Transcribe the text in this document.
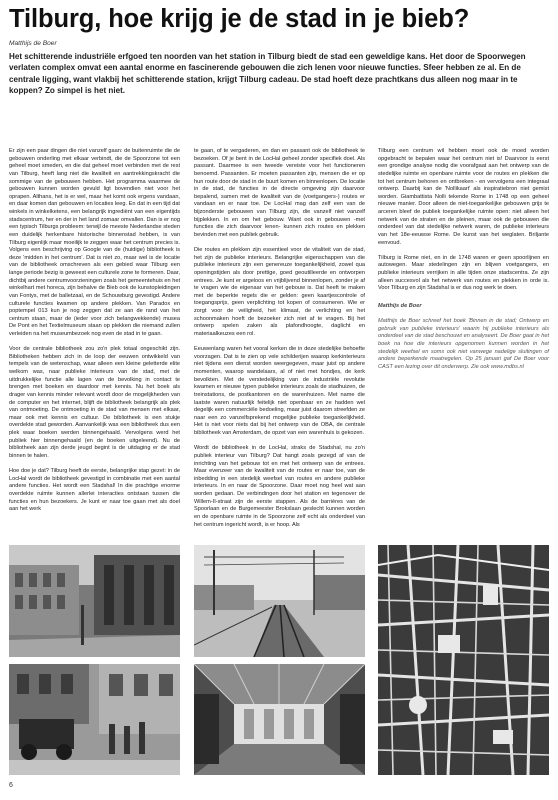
Tilburg, hoe krijg je de stad in je bieb?
Matthijs de Boer

Het schitterende industriële erfgoed ten noorden van het station in Tilburg biedt de stad een geweldige kans. Het door de Spoorwegen verlaten complex omvat een aantal enorme en fascinerende gebouwen die zich lenen voor nieuwe functies. Sfeer hebben ze al. En de centrale ligging, want vlakbij het schitterende station, krijgt Tilburg cadeau. De stad hoeft deze prachtkans dus alleen nog maar in te koppen? Zo simpel is het niet.

Er zijn een paar dingen die niet vanzelf gaan: de buitenruimte die de gebouwen onderling met elkaar verbindt, die de Spoorzone tot een geheel moet smeden, en die dat geheel moet verbinden met de rest van Tilburg, heeft lang niet die kwaliteit en aantrekkingskracht die sommige van de gebouwen hebben. Het programma waarmee de gebouwen kunnen worden gevuld ligt bovendien niet voor het oprapen. Althans, het is er wel, maar het komt ook ergens vandaan, en daar komen dan gebouwen en locaties leeg. En dat in een tijd dat winkels in winkelketens, een belangrijk ingrediënt van een eigentijds stadscentrum, her en der in het land zomaar omvallen. Dan is er nog een typisch Tilburgs probleem: terwijl de meeste Nederlandse steden een duidelijk herkenbare historische binnenstad hebben, is van Tilburg eigenlijk maar moeilijk te zeggen waar het centrum precies is. Volgens een beschrijving op Google van de (huidige) bibliotheek is deze 'midden in het centrum'. Dat is niet zo, maar wel is de locatie van de bibliotheek omschreven als een gebied waar Tilburg een lange periode bezig is geweest een culturele zone te formeren. Daar, dichtbij andere centrumvoorzieningen zoals het gemeentehuis en het winkelhart met horeca, zijn behalve de Bieb ook de kunstopleidingen van Fontys, met de balletzaal, en de Schouwburg gevestigd. Andere culturele functies kwamen op andere plekken. Van Paradox en poptempel 013 kun je nog zeggen dat ze aan de rand van het centrum staan, maar de (ieder voor zich belangwekkende) musea De Pont en het Textielmuseum staan op plekken die niemand zullen verleiden na het museumbezoek nog even de stad in te gaan.

Voor de centrale bibliotheek zou zo'n plek totaal ongeschikt zijn. Bibliotheken hebben zich in de loop der eeuwen ontwikkeld van tempels van de wetenschap, waar alleen een kleine geletterde elite welkom was, naar publieke interieurs van de stad, met de uitdrukkelijke functie alle lagen van de bevolking in contact te brengen met boeken en daardoor met kennis. Nu het boek als drager van kennis minder relevant wordt door de mogelijkheden van de computer en het internet, blijft de bibliotheek belangrijk als plek van ontmoeting. De ontmoeting in de stad van mensen met elkaar, maar ook met kennis en cultuur. De bibliotheek is een stukje overdekte stad geworden. Aanvankelijk was een bibliotheek dus een plek waar boeken werden binnengehaald. Vervolgens werd het publiek hier binnengehaald (en de boeken uitgeleend). Nu de bibliotheek aan zijn derde jeugd begint is de uitdaging er de stad binnen te halen.

Hoe doe je dat? Tilburg heeft de eerste, belangrijke stap gezet: in de LocHal wordt de bibliotheek gevestigd in combinatie met een aantal andere functies. Het wordt een Stadshal! In die prachtige enorme overdekte ruimte kunnen allerlei interacties ontstaan tussen die functies en hun bezoekers. Je kunt er naar toe gaan met als doel aan het werk

te gaan, of te vergaderen, en dan en passant ook de bibliotheek te bezoeken. Of je bent in de LocHal geheel zonder specifiek doel. Als passant. Daarmee is een tweede vereiste voor het functioneren benoemd. Passanten. Er moeten passanten zijn, mensen die er op hun route door de stad in de buurt komen en binnenlopen. De locatie in de stad, de functies in de directe omgeving zijn daarvoor bepalend, samen met de kwaliteit van de (voetgangers-) routes er vandaan en er naar toe. De LocHal mag dan zelf een van de bijzonderste gebouwen van Tilburg zijn, die vanzelf niet vanzelf bijplekken. In en om het gebouw. Want ook in gebouwen -met functies die zich daarvoor lenen- kunnen zich routes en plekken bevinden met een publiek gebruik.

Die routes en plekken zijn essentieel voor de vitaliteit van de stad, het zijn de publieke interieurs. Belangrijke eigenschappen van die publieke interieurs zijn een genereuze toegankelijkheid, zowel qua openingstijden als door prettige, goed geoutilleerde en ontworpen entrees. Je kunt er argeloos en vrijblijvend binnenlopen, zonder je af te vragen wie de eigenaar van het gebouw is. Dat heeft te maken met de beperkte regels die er gelden: geen kaartjescontrole of toegangsprijs, geen verplichting tot kopen of consumeren. Wie er zorgt voor de veiligheid, het klimaat, de verlichting en het schoonmaken hoeft de bezoeker zich niet af te vragen. Bij het ontwerp spelen zaken als plafondhoogte, daglicht en materiaalkeuzes een rol.

Eeuwenlang waren het vooral kerken die in deze stedelijke behoefte voorzagen. Dat is te zien op vele schilderijen waarop kerkinterieurs niet tijdens een dienst worden weergegeven, maar juist op andere momenten, waarop wandelaars, al of niet met hondjes, de kerk bevolkten. Met de verstedelijking van de industriële revolutie kwamen er nieuwe typen publieke interieurs zoals de stadhuizen, de treinstations, de postkantoren en de warenhuizen. Met name die laatste waren natuurlijk feitelijk niet openbaar en ze hadden wel degelijk een commerciële bedoeling, maar juist daarom streefden ze naar een zo vanzelfsprekend mogelijke publieke toegankelijkheid. Het is niet voor niets dat bij het ontwerp van de OBA, de centrale bibliotheek van Amsterdam, de opzet van een warenhuis is gekozen.

Wordt de bibliotheek in de LocHal, straks de Stadshal, nu zo'n publiek interieur van Tilburg? Dat hangt zoals gezegd af van de inrichting van het gebouw tot en met het ontwerp van de entrees. Maar evenzeer van de kwaliteit van de routes er naar toe, van de inbedding in een stedelijk weefsel van routes en andere publieke interieurs. In en naar de Spoorzone. Daar moet nog heel wat aan worden gedaan. De verbindingen door het station en tegenover de Willem-II-straat zijn de eerste stappen. Als de barrières van de Spoorlaan en de Burgemeester Brokxlaan geslecht kunnen worden en de openbare ruimte in de Spoorzone zelf echt als onderdeel van het centrum ingericht wordt, is er hoop. Als

Tilburg een centrum wil hebben moet ook de moed worden opgebracht te bepalen waar het centrum niet is! Daarvoor is eerst een grondige analyse nodig die voorafgaat aan het ontwerp van de stedelijke ruimte en openbare ruimte voor de routes en plekken die tot het centrum behoren en ontbreken - en vervolgens een integraal ontwerp. Daarbij kan de 'Nollikaart' als inspiratiebron niet gemist worden. Giambattista Nolli tekende Rome in 1748 op een geheel nieuwe manier. Door alleen de niet-toegankelijke gebouwen grijs te arceren bleef de publiek toegankelijke ruimte open: niet alleen het netwerk van de straten en de pleinen, maar ook de gebouwen die onderdeel van dat stedelijke netwerk waren, de publieke interieurs van het 18e-eeuwse Rome. De kunst van het weglaten. Briljante eenvoud.

Tilburg is Rome niet, en in de 1748 waren er geen spoorlijnen en autowegen. Maar stedelingen zijn en blijven voetgangers, en publieke interieurs verrijken in alle tijden onze stadscentra. Ze zijn alleen succesvol als het netwerk van routes en plekken in orde is. Voor Tilburg en zijn Stadshal is er dus nog werk te doen.

Matthijs de Boer

Matthijs de Boer schreef het boek 'Binnen in de stad; Ontwerp en gebruik van publieke interieurs' waarin hij publieke interieurs als onderdeel van de stad beschouwt en analyseert. De Boer gaat in het boek na hoe die interieurs opgenomen kunnen worden in het stedelijk weefsel en soms ook niet vanwege nadelige sluitingen of andere beperkende maatregelen. Op 25 januari gaf De Boer voor CAST een lezing over dit onderwerp. Zie ook www.mdbs.nl

6
